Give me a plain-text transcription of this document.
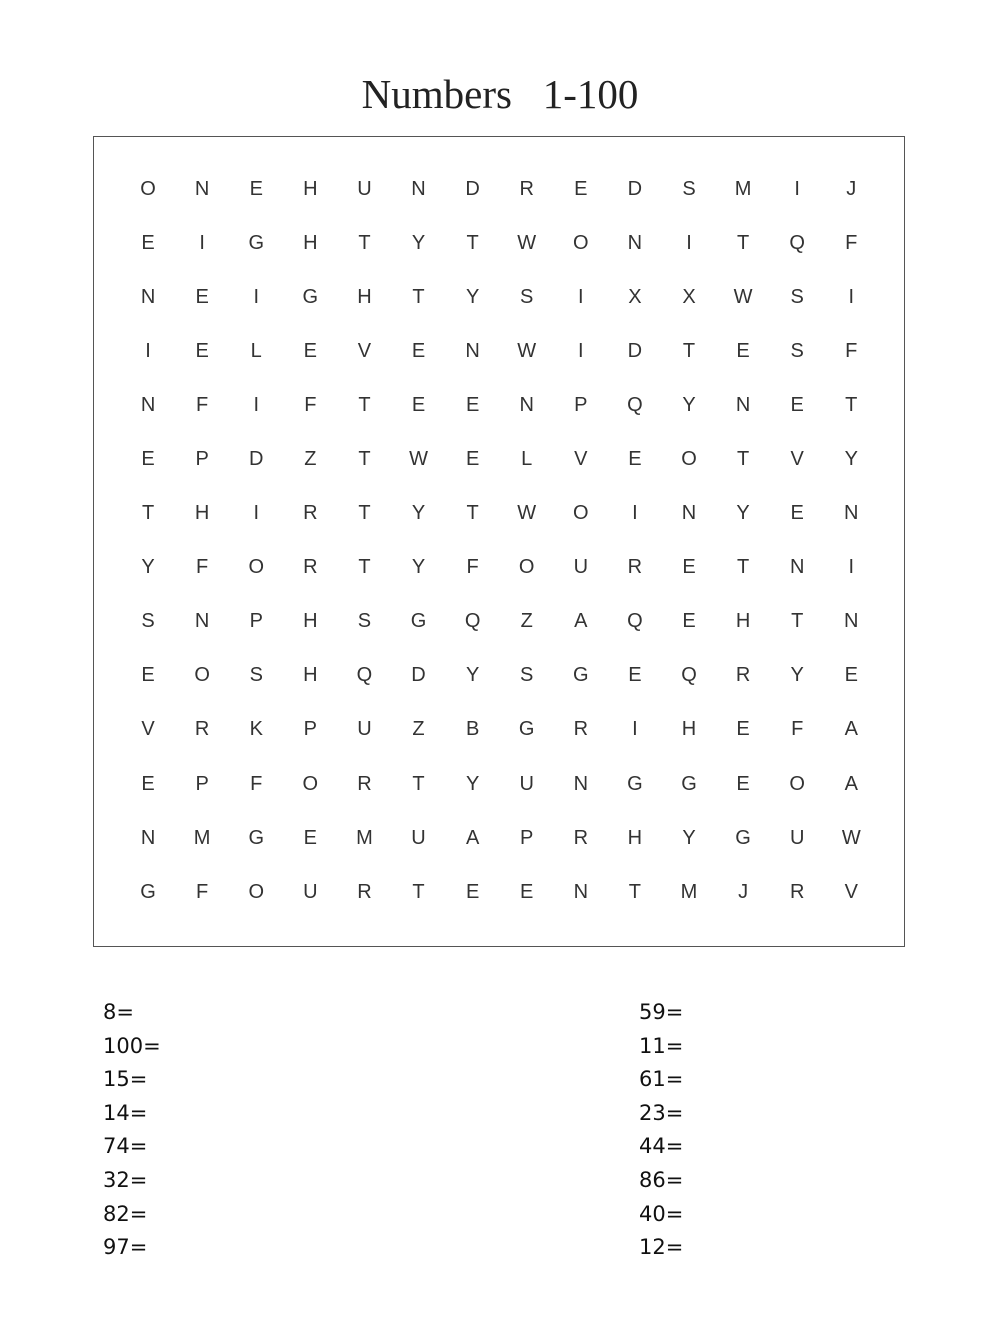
Numbers   1-100
O	N	E	H	U	N	D	R	E	D	S	M	I	J
E	I	G	H	T	Y	T	W	O	N	I	T	Q	F
N	E	I	G	H	T	Y	S	I	X	X	W	S	I
I	E	L	E	V	E	N	W	I	D	T	E	S	F
N	F	I	F	T	E	E	N	P	Q	Y	N	E	T
E	P	D	Z	T	W	E	L	V	E	O	T	V	Y
T	H	I	R	T	Y	T	W	O	I	N	Y	E	N
Y	F	O	R	T	Y	F	O	U	R	E	T	N	I
S	N	P	H	S	G	Q	Z	A	Q	E	H	T	N
E	O	S	H	Q	D	Y	S	G	E	Q	R	Y	E
V	R	K	P	U	Z	B	G	R	I	H	E	F	A
E	P	F	O	R	T	Y	U	N	G	G	E	O	A
N	M	G	E	M	U	A	P	R	H	Y	G	U	W
G	F	O	U	R	T	E	E	N	T	M	J	R	V
8=
100=
15=
14=
74=
32=
82=
97=
59=
11=
61=
23=
44=
86=
40=
12=
